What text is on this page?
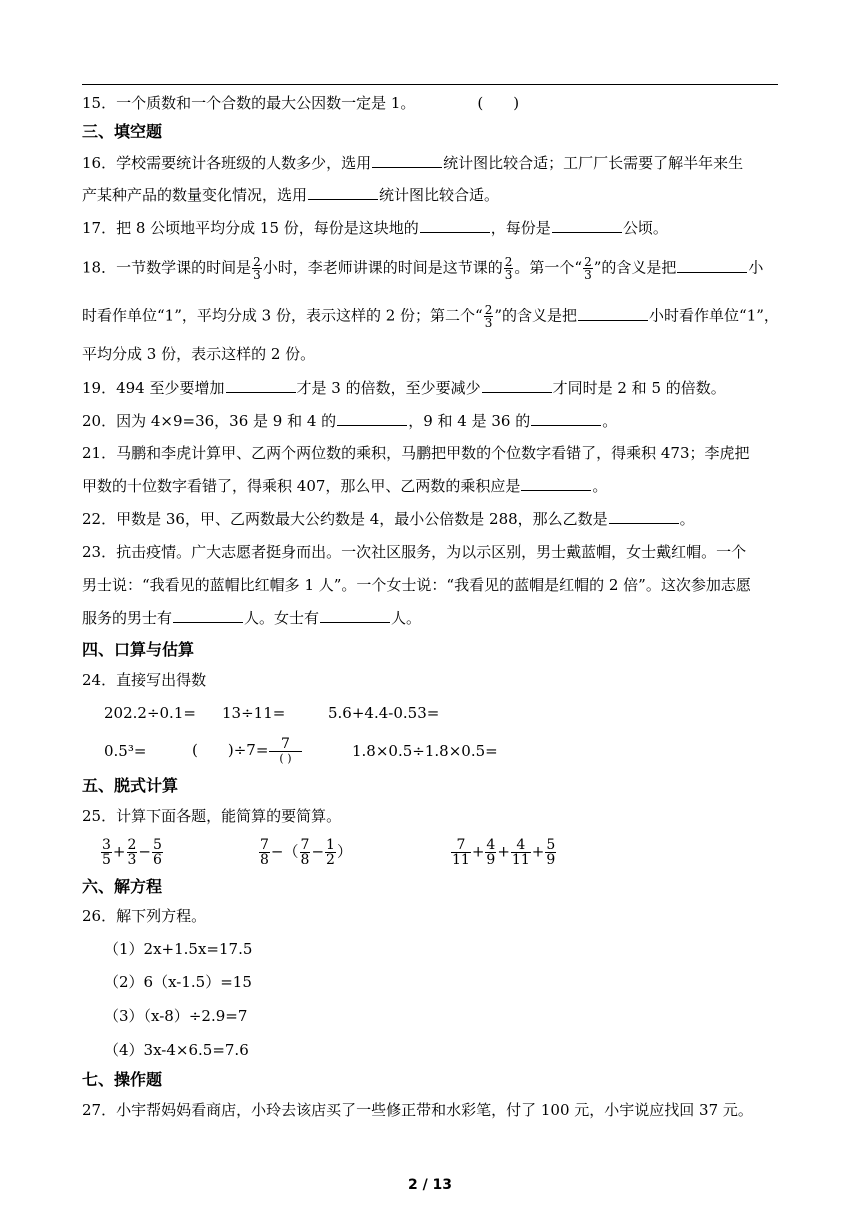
15．一个质数和一个合数的最大公因数一定是 1。	(　　)
三、填空题
16．学校需要统计各班级的人数多少，选用	统计图比较合适；工厂厂长需要了解半年来生
产某种产品的数量变化情况，选用	统计图比较合适。
17．把 8 公顷地平均分成 15 份，每份是这块地的	，每份是	公顷。
18．一节数学课的时间是 $\frac{2}{3}$ 小时，李老师讲课的时间是这节课的 $\frac{2}{3}$ 。第一个“ $\frac{2}{3}$ ”的含义是把	小
时看作单位“1”，平均分成 3 份，表示这样的 2 份；第二个“ $\frac{2}{3}$ ”的含义是把	小时看作单位“1”，
平均分成 3 份，表示这样的 2 份。
19．494 至少要增加	才是 3 的倍数，至少要减少	才同时是 2 和 5 的倍数。
20．因为 4×9=36，36 是 9 和 4 的	，9 和 4 是 36 的	。
21．马鹏和李虎计算甲、乙两个两位数的乘积，马鹏把甲数的个位数字看错了，得乘积 473；李虎把
甲数的十位数字看错了，得乘积 407，那么甲、乙两数的乘积应是	。
22．甲数是 36，甲、乙两数最大公约数是 4，最小公倍数是 288，那么乙数是	。
23．抗击疫情。广大志愿者挺身而出。一次社区服务，为以示区别，男士戴蓝帽，女士戴红帽。一个
男士说：“我看见的蓝帽比红帽多 1 人”。一个女士说：“我看见的蓝帽是红帽的 2 倍”。这次参加志愿
服务的男士有	人。女士有	人。
四、口算与估算
24．直接写出得数
202.2÷0.1= 13÷11=	5.6+4.4-0.53=
0.5³=	( )$\div 7= \frac{7}{( )}$	1.8×0.5÷1.8×0.5=
五、脱式计算
25．计算下面各题，能简算的要简算。
$\frac{3}{5} + \frac{2}{3} - \frac{5}{6}$	$\frac{7}{8}$ −（ $\frac{7}{8} - \frac{1}{2}$ ）	$\frac{7}{11} + \frac{4}{9} + \frac{4}{11} + \frac{5}{9}$
六、解方程
26．解下列方程。
（1）2x+1.5x=17.5
（2）6（x-1.5）=15
（3）（x-8）÷2.9=7
（4）3x-4×6.5=7.6
七、操作题
27．小宇帮妈妈看商店，小玲去该店买了一些修正带和水彩笔，付了 100 元，小宇说应找回 37 元。
2 / 13
